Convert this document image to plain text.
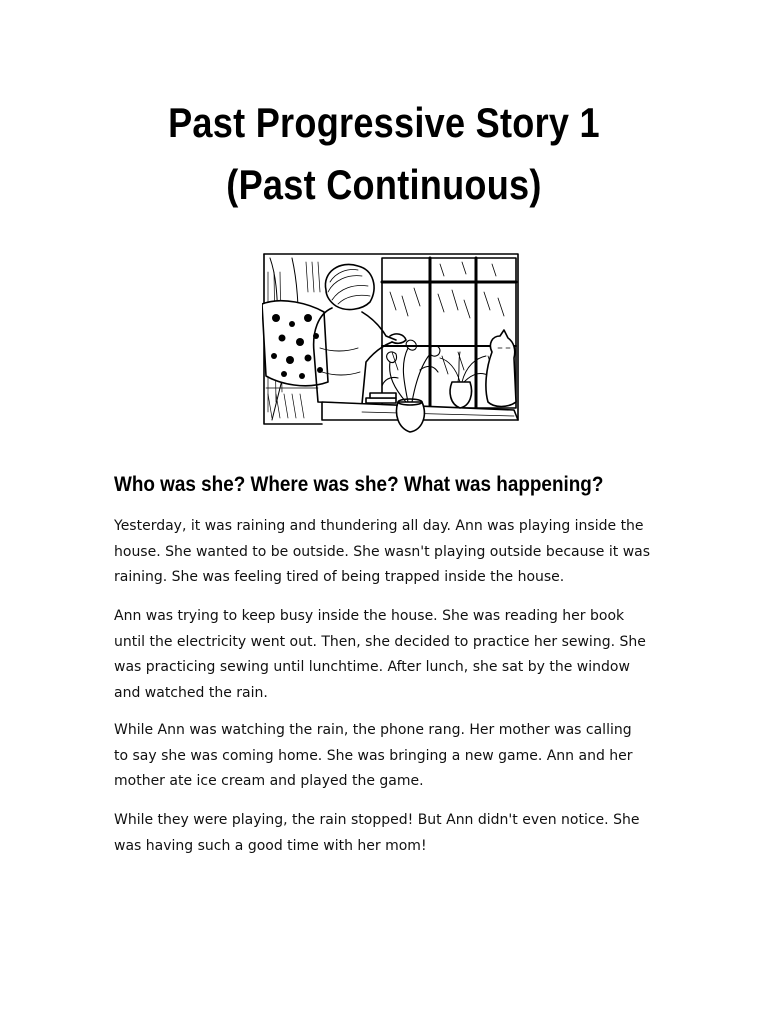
Past Progressive Story 1
(Past Continuous)
Who was she? Where was she? What was happening?

Yesterday, it was raining and thundering all day. Ann was playing inside the
house. She wanted to be outside. She wasn't playing outside because it was
raining. She was feeling tired of being trapped inside the house.

Ann was trying to keep busy inside the house. She was reading her book
until the electricity went out. Then, she decided to practice her sewing. She
was practicing sewing until lunchtime. After lunch, she sat by the window
and watched the rain.

While Ann was watching the rain, the phone rang. Her mother was calling
to say she was coming home. She was bringing a new game. Ann and her
mother ate ice cream and played the game.

While they were playing, the rain stopped! But Ann didn't even notice. She
was having such a good time with her mom!
